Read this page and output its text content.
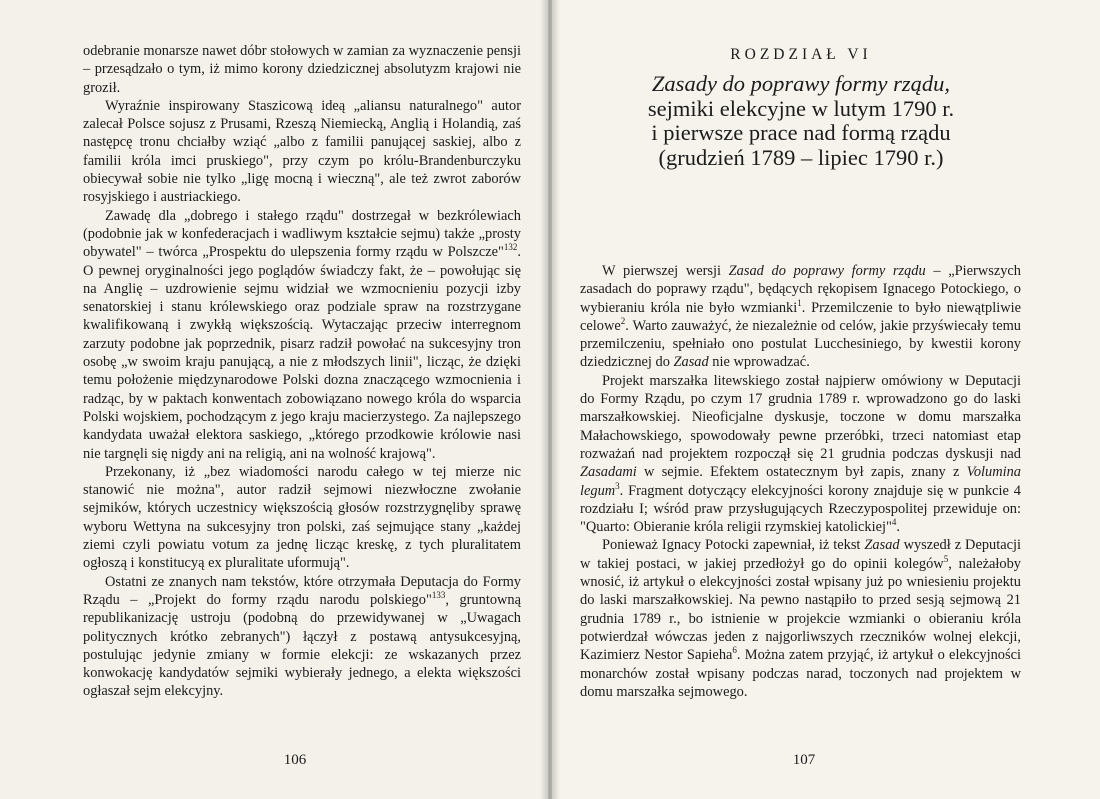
odebranie monarsze nawet dóbr stołowych w zamian za wyznaczenie pensji – przesądzało o tym, iż mimo korony dziedzicznej absolutyzm krajowi nie groził.

Wyraźnie inspirowany Staszicową ideą „aliansu naturalnego" autor zalecał Polsce sojusz z Prusami, Rzeszą Niemiecką, Anglią i Holandią, zaś następcę tronu chciałby wziąć „albo z familii panującej saskiej, albo z familii króla imci pruskiego", przy czym po królu-Brandenburczyku obiecywał sobie nie tylko „ligę mocną i wieczną", ale też zwrot zaborów rosyjskiego i austriackiego.

Zawadę dla „dobrego i stałego rządu" dostrzegał w bezkrólewiach (podobnie jak w konfederacjach i wadliwym kształcie sejmu) także „prosty obywatel" – twórca „Prospektu do ulepszenia formy rządu w Polszcze"$^{132}$. O pewnej oryginalności jego poglądów świadczy fakt, że – powołując się na Anglię – uzdrowienie sejmu widział we wzmocnieniu pozycji izby senatorskiej i stanu królewskiego oraz podziale spraw na rozstrzygane kwalifikowaną i zwykłą większością. Wytaczając przeciw interregnom zarzuty podobne jak poprzednik, pisarz radził powołać na sukcesyjny tron osobę „w swoim kraju panującą, a nie z młodszych linii", licząc, że dzięki temu położenie międzynarodowe Polski dozna znaczącego wzmocnienia i radząc, by w paktach konwentach zobowiązano nowego króla do wsparcia Polski wojskiem, pochodzącym z jego kraju macierzystego. Za najlepszego kandydata uważał elektora saskiego, „którego przodkowie królowie nasi nie targnęli się nigdy ani na religią, ani na wolność krajową".

Przekonany, iż „bez wiadomości narodu całego w tej mierze nic stanowić nie można", autor radził sejmowi niezwłoczne zwołanie sejmików, których uczestnicy większością głosów rozstrzygnęliby sprawę wyboru Wettyna na sukcesyjny tron polski, zaś sejmujące stany „każdej ziemi czyli powiatu votum za jednę licząc kreskę, z tych pluralitatem ogłoszą i konstitucyą ex pluralitate uformują".

Ostatni ze znanych nam tekstów, które otrzymała Deputacja do Formy Rządu – „Projekt do formy rządu narodu polskiego"$^{133}$, gruntowną republikanizację ustroju (podobną do przewidywanej w „Uwagach politycznych krótko zebranych") łączył z postawą antysukcesyjną, postulując jedynie zmiany w formie elekcji: ze wskazanych przez konwokację kandydatów sejmiki wybierały jednego, a elekta większości ogłaszał sejm elekcyjny.

106
ROZDZIAŁ VI
Zasady do poprawy formy rządu,
sejmiki elekcyjne w lutym 1790 r.
i pierwsze prace nad formą rządu
(grudzień 1789 – lipiec 1790 r.)

W pierwszej wersji Zasad do poprawy formy rządu – „Pierwszych zasadach do poprawy rządu", będących rękopisem Ignacego Potockiego, o wybieraniu króla nie było wzmianki$^1$. Przemilczenie to było niewątpliwie celowe$^2$. Warto zauważyć, że niezależnie od celów, jakie przyświecały temu przemilczeniu, spełniało ono postulat Lucchesiniego, by kwestii korony dziedzicznej do Zasad nie wprowadzać.

Projekt marszałka litewskiego został najpierw omówiony w Deputacji do Formy Rządu, po czym 17 grudnia 1789 r. wprowadzono go do laski marszałkowskiej. Nieoficjalne dyskusje, toczone w domu marszałka Małachowskiego, spowodowały pewne przeróbki, trzeci natomiast etap rozważań nad projektem rozpoczął się 21 grudnia podczas dyskusji nad Zasadami w sejmie. Efektem ostatecznym był zapis, znany z Volumina legum$^3$. Fragment dotyczący elekcyjności korony znajduje się w punkcie 4 rozdziału I; wśród praw przysługujących Rzeczypospolitej przewiduje on: "Quarto: Obieranie króla religii rzymskiej katolickiej"$^4$.

Ponieważ Ignacy Potocki zapewniał, iż tekst Zasad wyszedł z Deputacji w takiej postaci, w jakiej przedłożył go do opinii kolegów$^5$, należałoby wnosić, iż artykuł o elekcyjności został wpisany już po wniesieniu projektu do laski marszałkowskiej. Na pewno nastąpiło to przed sesją sejmową 21 grudnia 1789 r., bo istnienie w projekcie wzmianki o obieraniu króla potwierdzał wówczas jeden z najgorliwszych rzeczników wolnej elekcji, Kazimierz Nestor Sapieha$^6$. Można zatem przyjąć, iż artykuł o elekcyjności monarchów został wpisany podczas narad, toczonych nad projektem w domu marszałka sejmowego.

107
